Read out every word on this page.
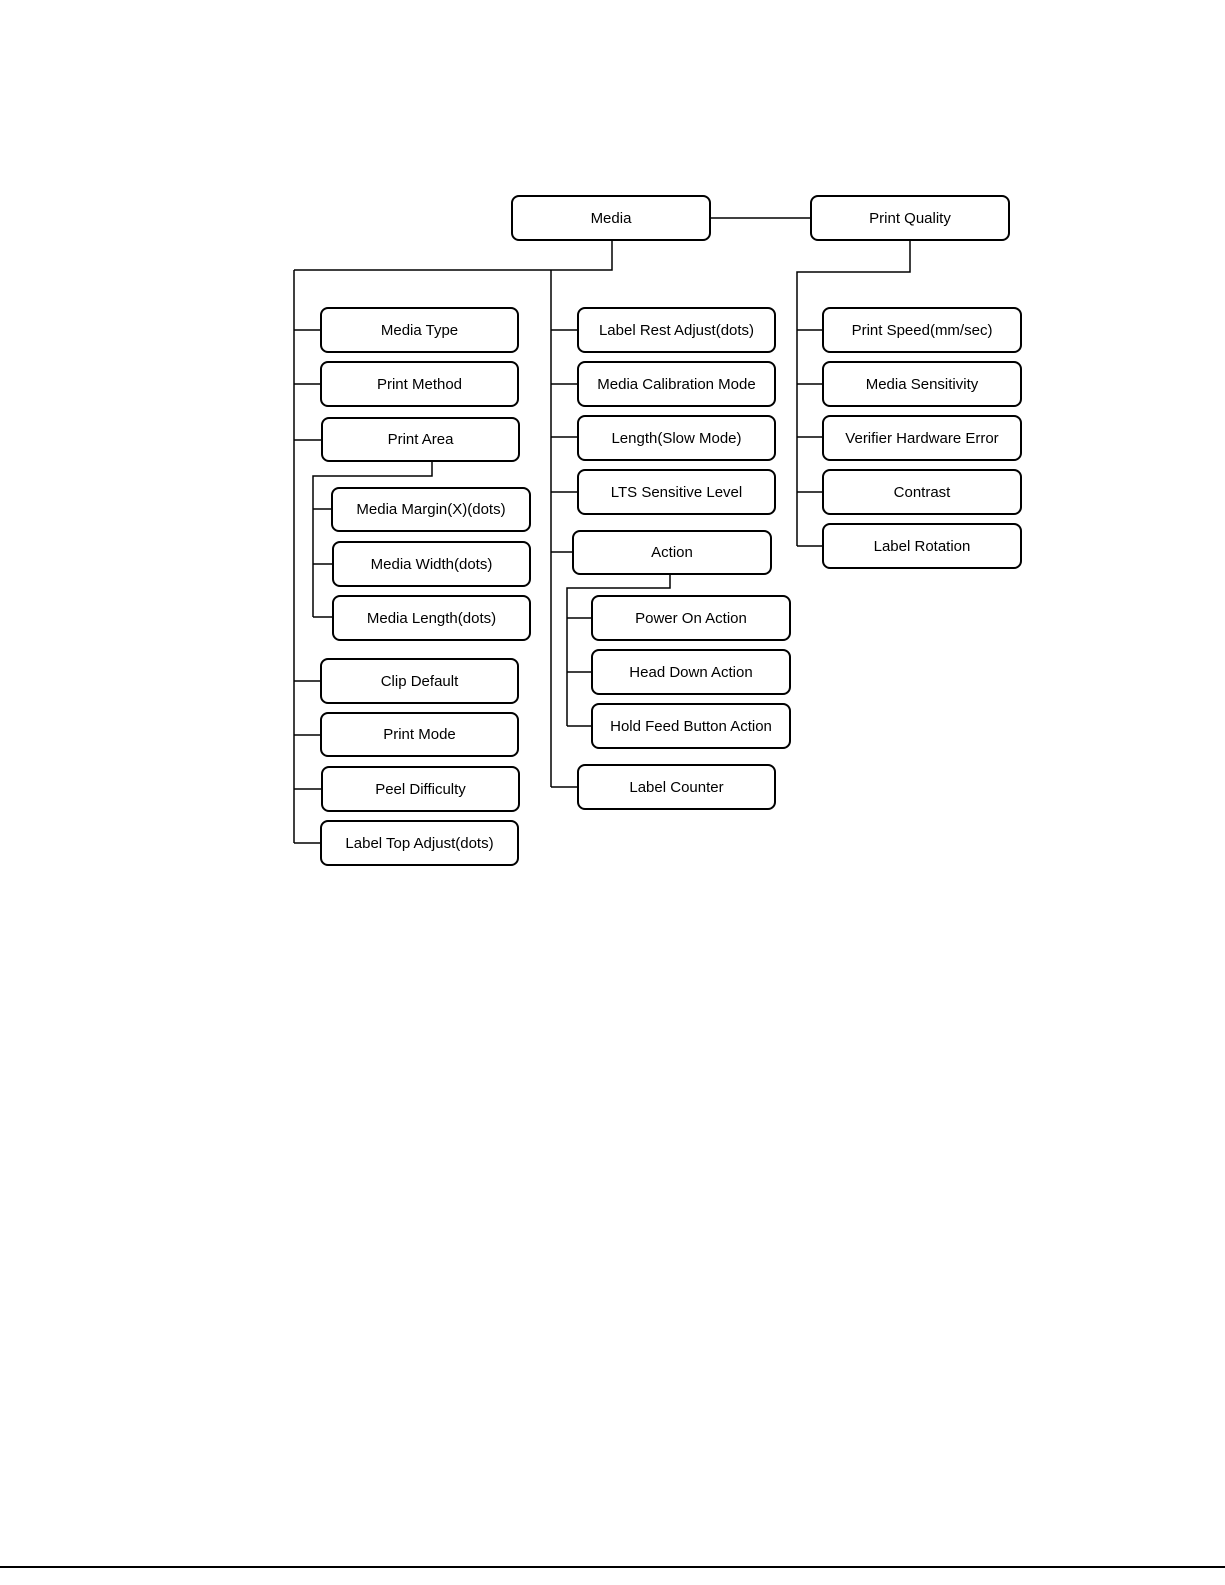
Media	Print Quality
Media Type
Print Method
Print Area
Media Margin(X)(dots)
Media Width(dots)
Media Length(dots)
Clip Default
Print Mode
Peel Difficulty
Label Top Adjust(dots)
Label Rest Adjust(dots)
Media Calibration Mode
Length(Slow Mode)
LTS Sensitive Level
Action
Power On Action
Head Down Action
Hold Feed Button Action
Label Counter
Print Speed(mm/sec)
Media Sensitivity
Verifier Hardware Error
Contrast
Label Rotation
